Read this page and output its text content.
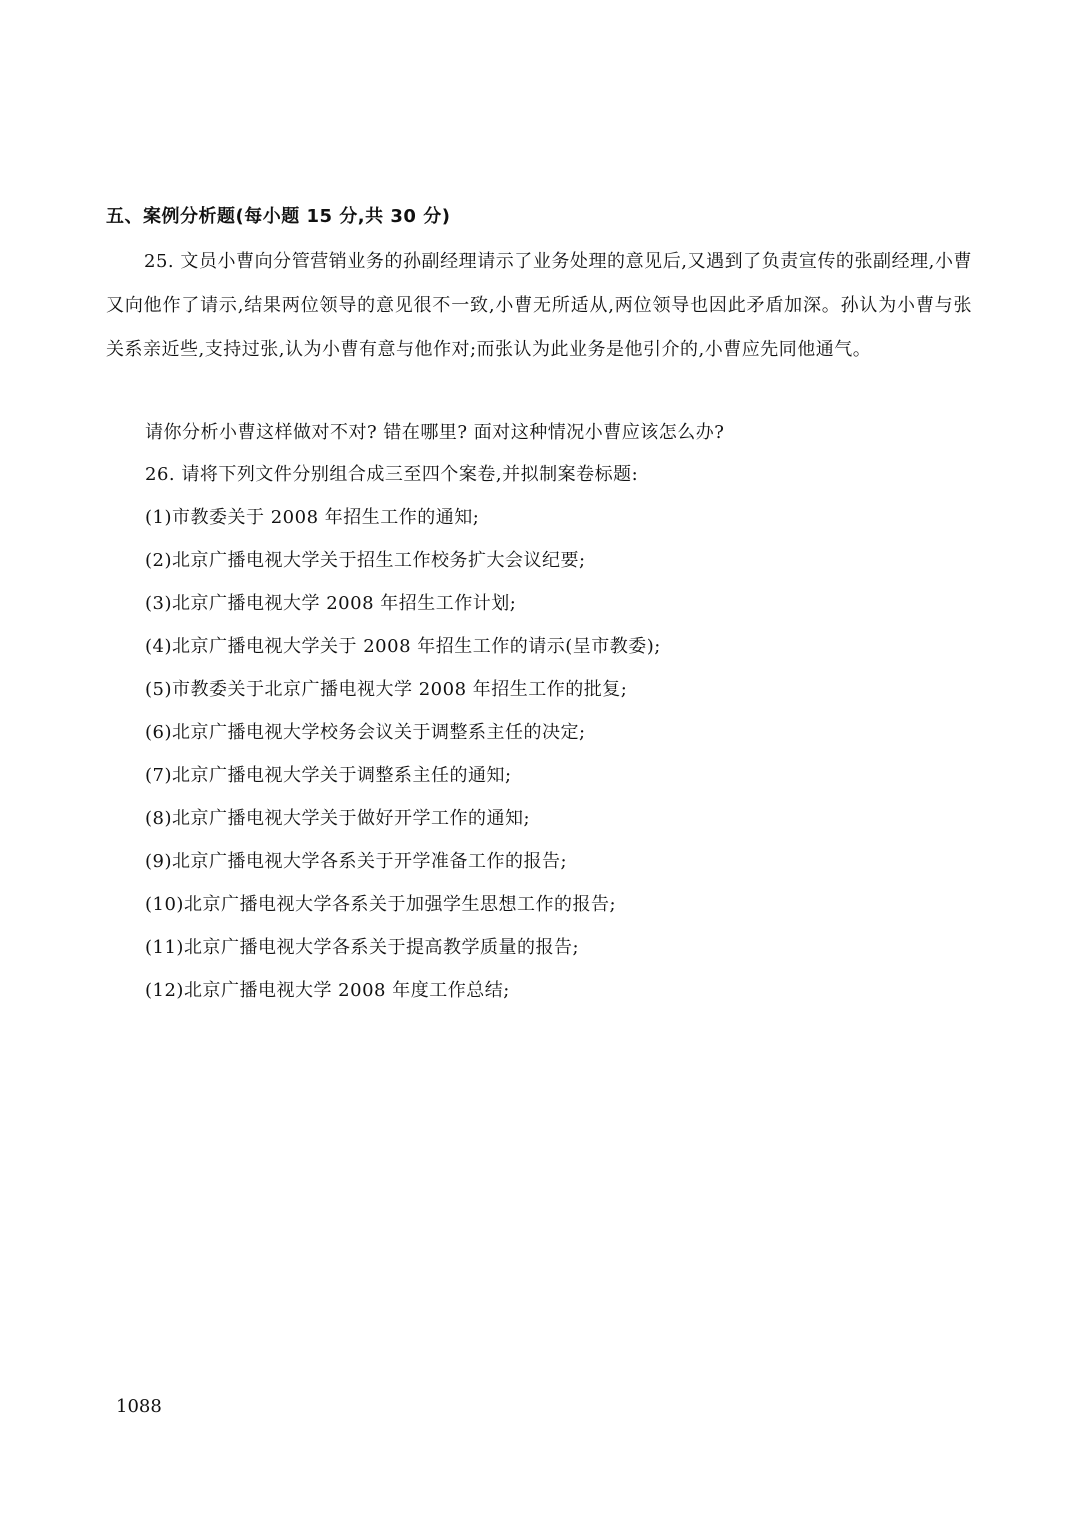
五、案例分析题(每小题 15 分,共 30 分)
25. 文员小曹向分管营销业务的孙副经理请示了业务处理的意见后,又遇到了负责宣传的张副经理,小曹又向他作了请示,结果两位领导的意见很不一致,小曹无所适从,两位领导也因此矛盾加深。孙认为小曹与张关系亲近些,支持过张,认为小曹有意与他作对;而张认为此业务是他引介的,小曹应先同他通气。
请你分析小曹这样做对不对? 错在哪里? 面对这种情况小曹应该怎么办?
26. 请将下列文件分别组合成三至四个案卷,并拟制案卷标题:
(1)市教委关于 2008 年招生工作的通知;
(2)北京广播电视大学关于招生工作校务扩大会议纪要;
(3)北京广播电视大学 2008 年招生工作计划;
(4)北京广播电视大学关于 2008 年招生工作的请示(呈市教委);
(5)市教委关于北京广播电视大学 2008 年招生工作的批复;
(6)北京广播电视大学校务会议关于调整系主任的决定;
(7)北京广播电视大学关于调整系主任的通知;
(8)北京广播电视大学关于做好开学工作的通知;
(9)北京广播电视大学各系关于开学准备工作的报告;
(10)北京广播电视大学各系关于加强学生思想工作的报告;
(11)北京广播电视大学各系关于提高教学质量的报告;
(12)北京广播电视大学 2008 年度工作总结;
1088
